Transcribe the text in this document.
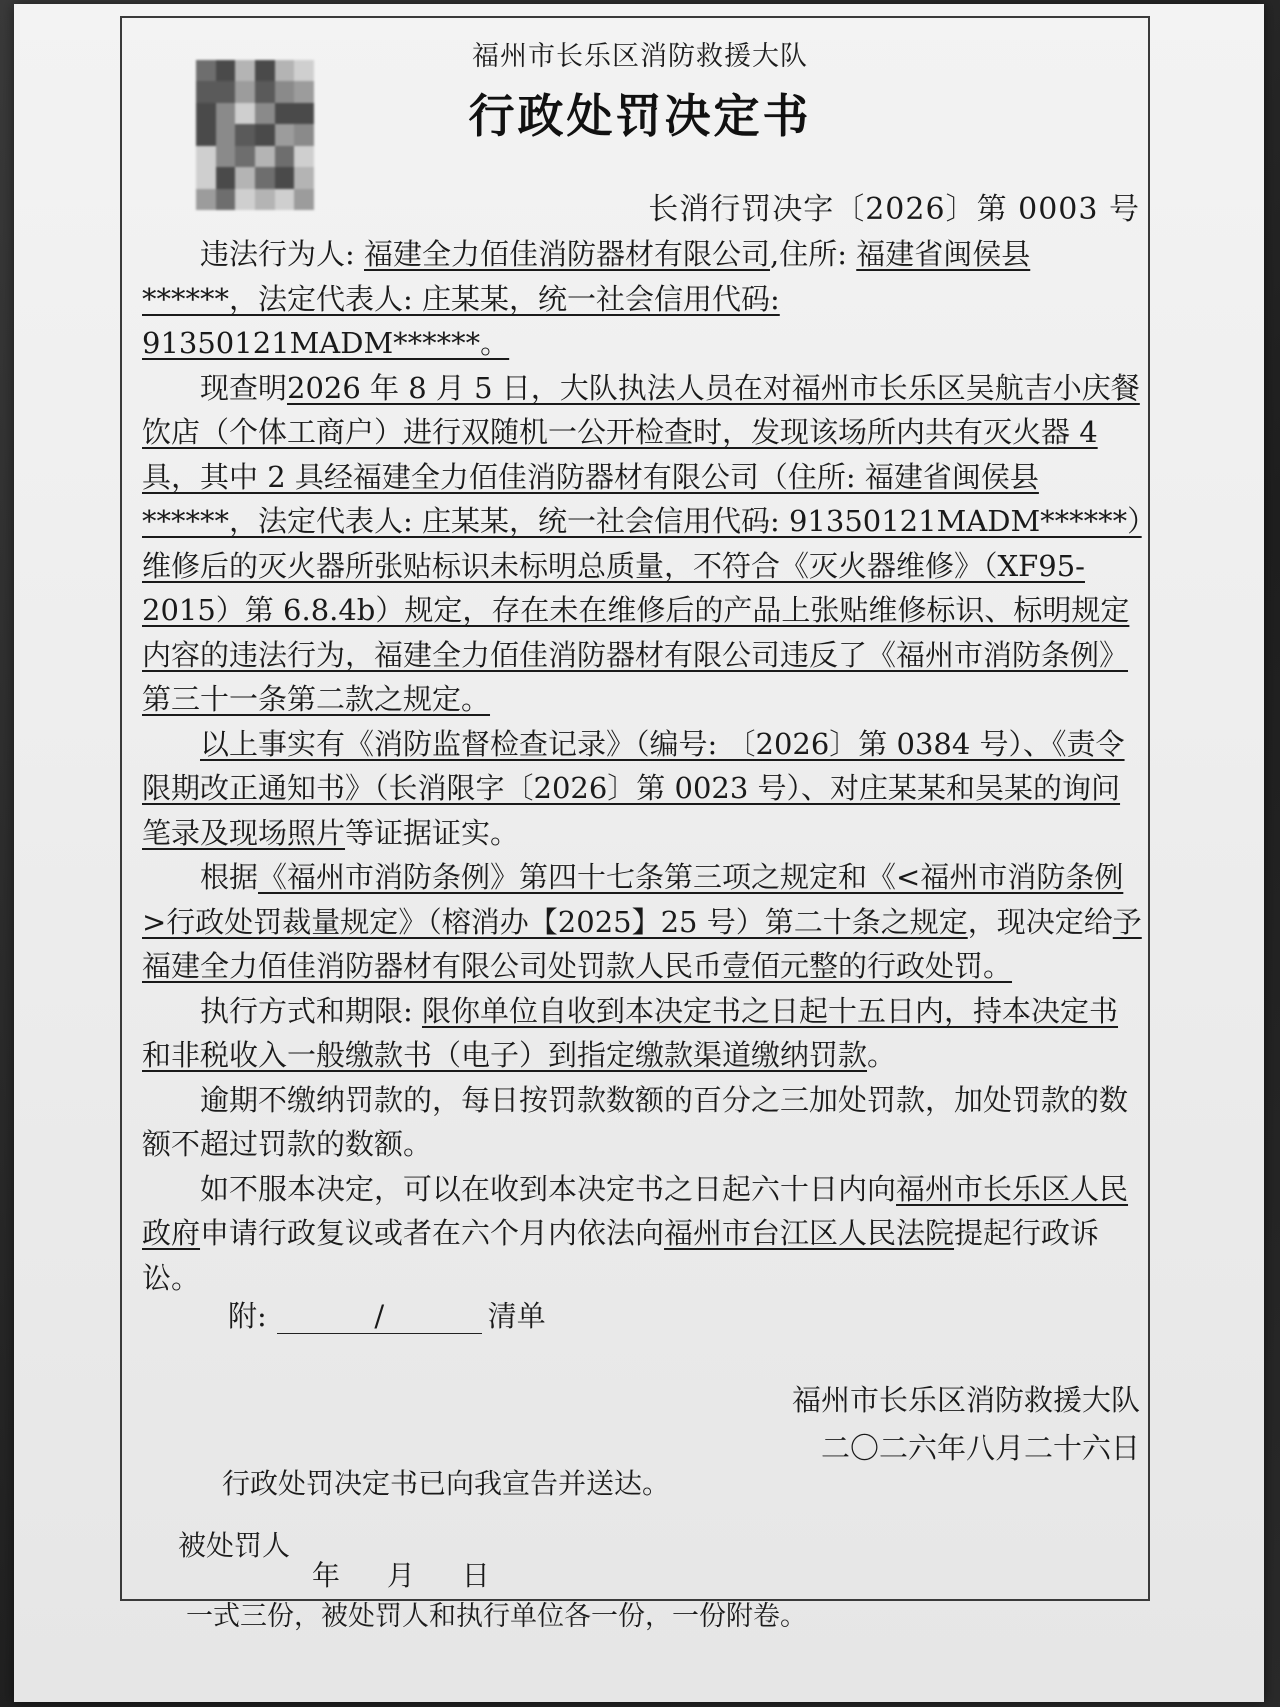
福州市长乐区消防救援大队
行政处罚决定书
长消行罚决字〔2026〕第 0003 号

违法行为人: 福建全力佰佳消防器材有限公司,住所: 福建省闽侯县******，法定代表人: 庄某某，统一社会信用代码: 91350121MADM******。

现查明2026 年 8 月 5 日，大队执法人员在对福州市长乐区吴航吉小庆餐饮店（个体工商户）进行双随机一公开检查时，发现该场所内共有灭火器 4 具，其中 2 具经福建全力佰佳消防器材有限公司（住所: 福建省闽侯县******，法定代表人: 庄某某，统一社会信用代码: 91350121MADM******）维修后的灭火器所张贴标识未标明总质量，不符合《灭火器维修》（XF95-2015）第 6.8.4b）规定，存在未在维修后的产品上张贴维修标识、标明规定内容的违法行为，福建全力佰佳消防器材有限公司违反了《福州市消防条例》第三十一条第二款之规定。

以上事实有《消防监督检查记录》（编号: 〔2026〕第 0384 号）、《责令限期改正通知书》（长消限字〔2026〕第 0023 号）、对庄某某和吴某的询问笔录及现场照片等证据证实。

根据《福州市消防条例》第四十七条第三项之规定和《<福州市消防条例>行政处罚裁量规定》（榕消办【2025】25 号）第二十条之规定，现决定给予福建全力佰佳消防器材有限公司处罚款人民币壹佰元整的行政处罚。

执行方式和期限: 限你单位自收到本决定书之日起十五日内，持本决定书和非税收入一般缴款书（电子）到指定缴款渠道缴纳罚款。

逾期不缴纳罚款的，每日按罚款数额的百分之三加处罚款，加处罚款的数额不超过罚款的数额。

如不服本决定，可以在收到本决定书之日起六十日内向福州市长乐区人民政府申请行政复议或者在六个月内依法向福州市台江区人民法院提起行政诉讼。

附:	/	清单
福州市长乐区消防救援大队
二〇二六年八月二十六日
行政处罚决定书已向我宣告并送达。
被处罚人
年 月 日
一式三份，被处罚人和执行单位各一份，一份附卷。
